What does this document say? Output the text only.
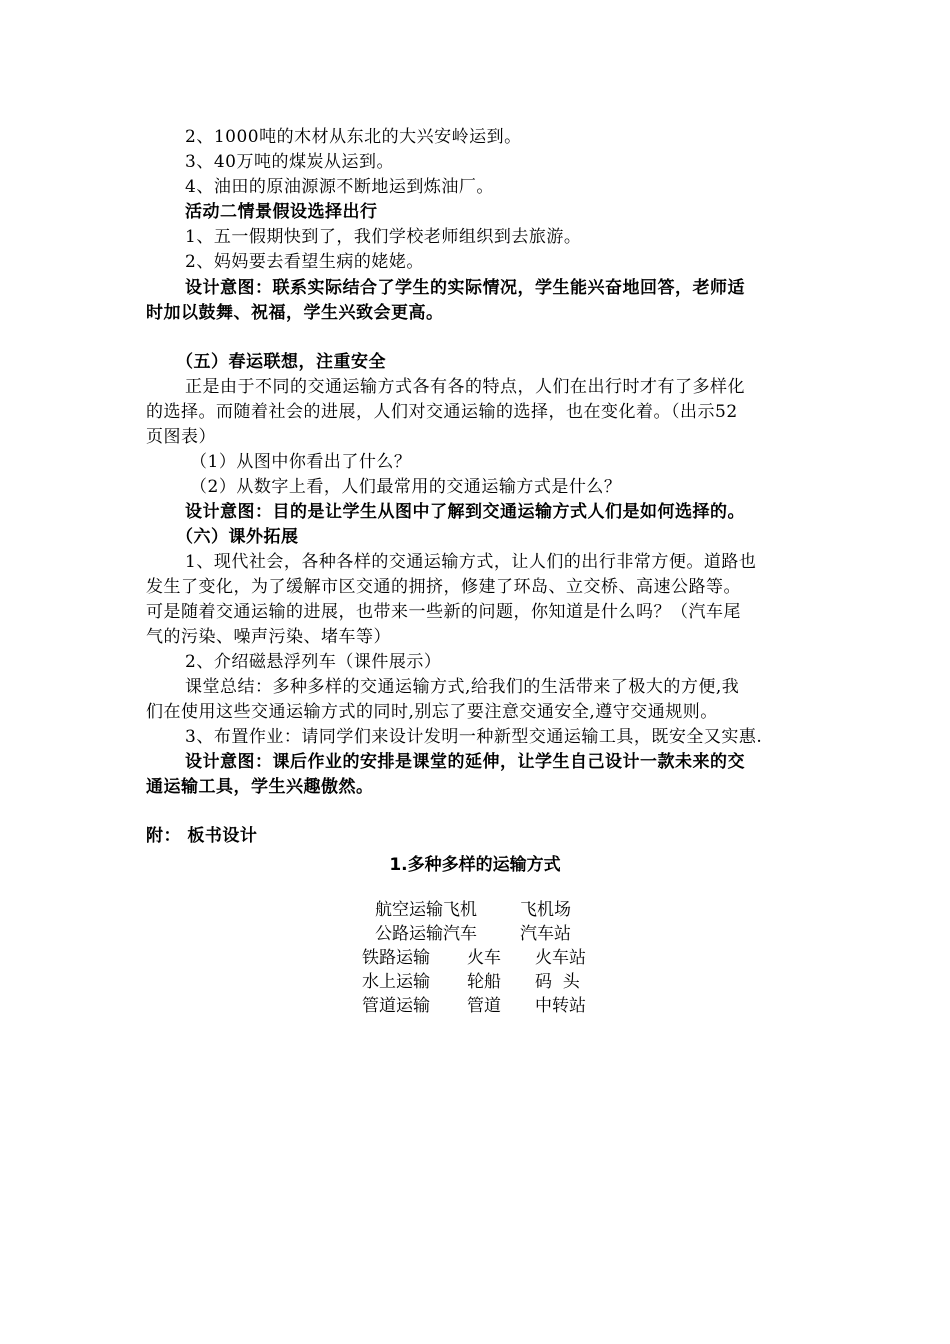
2、1000吨的木材从东北的大兴安岭运到。
3、40万吨的煤炭从运到。
4、油田的原油源源不断地运到炼油厂。
活动二情景假设选择出行
1、五一假期快到了，我们学校老师组织到去旅游。
2、妈妈要去看望生病的姥姥。
设计意图：联系实际结合了学生的实际情况，学生能兴奋地回答，老师适
时加以鼓舞、祝福，学生兴致会更高。
（五）春运联想，注重安全
正是由于不同的交通运输方式各有各的特点，人们在出行时才有了多样化
的选择。而随着社会的进展，人们对交通运输的选择，也在变化着。（出示52
页图表）
（1）从图中你看出了什么？
（2）从数字上看，人们最常用的交通运输方式是什么？
设计意图：目的是让学生从图中了解到交通运输方式人们是如何选择的。
（六）课外拓展
1、现代社会，各种各样的交通运输方式，让人们的出行非常方便。道路也
发生了变化，为了缓解市区交通的拥挤，修建了环岛、立交桥、高速公路等。
可是随着交通运输的进展，也带来一些新的问题，你知道是什么吗？（汽车尾
气的污染、噪声污染、堵车等）
2、介绍磁悬浮列车（课件展示）
课堂总结：多种多样的交通运输方式,给我们的生活带来了极大的方便,我
们在使用这些交通运输方式的同时,别忘了要注意交通安全,遵守交通规则。
3、布置作业：请同学们来设计发明一种新型交通运输工具，既安全又实惠.
设计意图：课后作业的安排是课堂的延伸，让学生自己设计一款未来的交
通运输工具，学生兴趣傲然。
附： 板书设计
1.多种多样的运输方式
航空运输飞机	飞机场
公路运输汽车	汽车站
铁路运输 火车 火车站
水上运输 轮船 码  头
管道运输 管道 中转站
